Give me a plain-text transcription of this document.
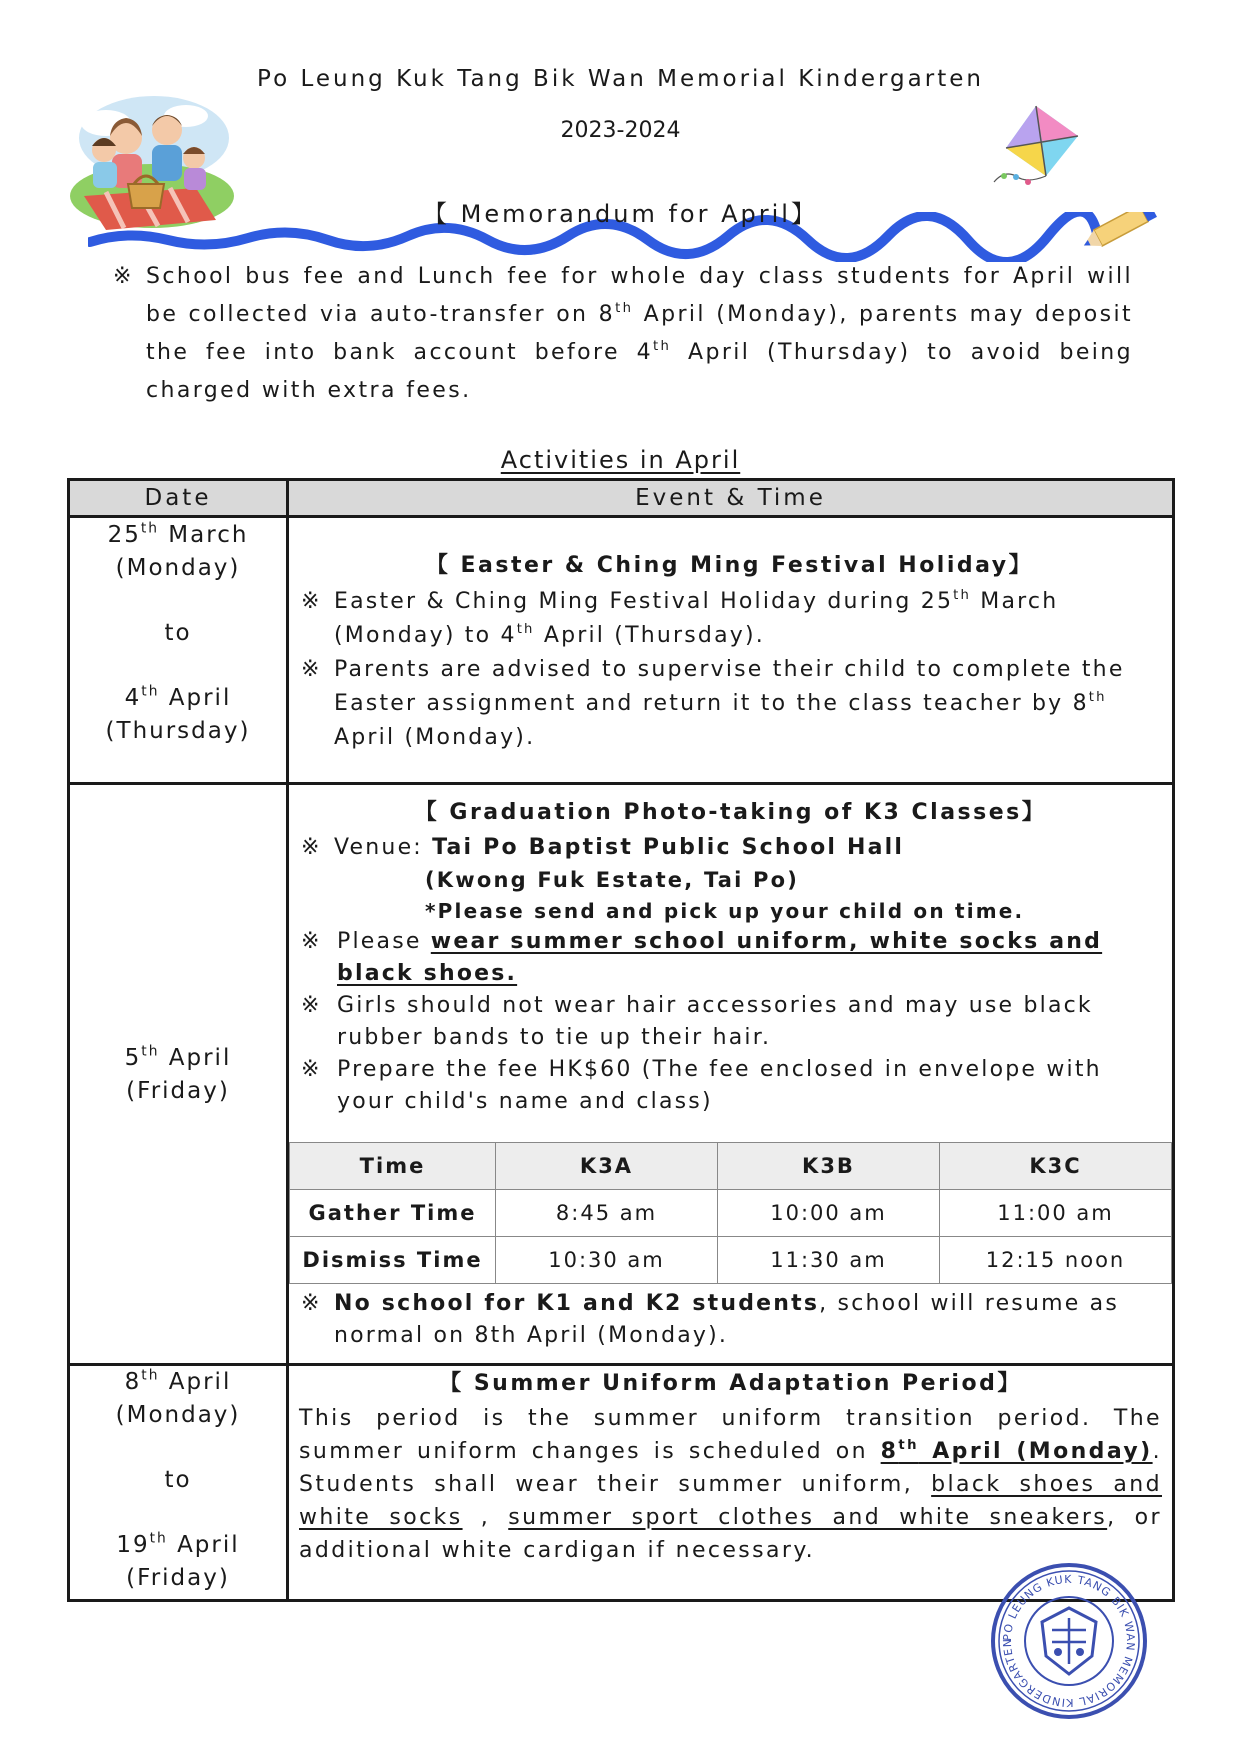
Po Leung Kuk Tang Bik Wan Memorial Kindergarten
2023-2024
【 Memorandum for April】
※ School bus fee and Lunch fee for whole day class students for April will be collected via auto-transfer on 8th April (Monday), parents may deposit the fee into bank account before 4th April (Thursday) to avoid being charged with extra fees.
Activities in April
Date	Event & Time

25th March
(Monday)
to
4th April
(Thursday)

【 Easter & Ching Ming Festival Holiday】
※ Easter & Ching Ming Festival Holiday during 25th March (Monday) to 4th April (Thursday).
※ Parents are advised to supervise their child to complete the Easter assignment and return it to the class teacher by 8th April (Monday).

5th April
(Friday)

【 Graduation Photo-taking of K3 Classes】
※ Venue: Tai Po Baptist Public School Hall
(Kwong Fuk Estate, Tai Po)
*Please send and pick up your child on time.
※ Please wear summer school uniform, white socks and black shoes.
※ Girls should not wear hair accessories and may use black rubber bands to tie up their hair.
※ Prepare the fee HK$60 (The fee enclosed in envelope with your child's name and class)
Time	K3A	K3B	K3C
Gather Time	8:45 am	10:00 am	11:00 am
Dismiss Time	10:30 am	11:30 am	12:15 noon
※ No school for K1 and K2 students, school will resume as normal on 8th April (Monday).

8th April
(Monday)
to
19th April
(Friday)

【 Summer Uniform Adaptation Period】
This period is the summer uniform transition period. The summer uniform changes is scheduled on 8th April (Monday). Students shall wear their summer uniform, black shoes and white socks , summer sport clothes and white sneakers, or additional white cardigan if necessary.
PO LEUNG KUK TANG BIK WAN MEMORIAL KINDERGARTEN
